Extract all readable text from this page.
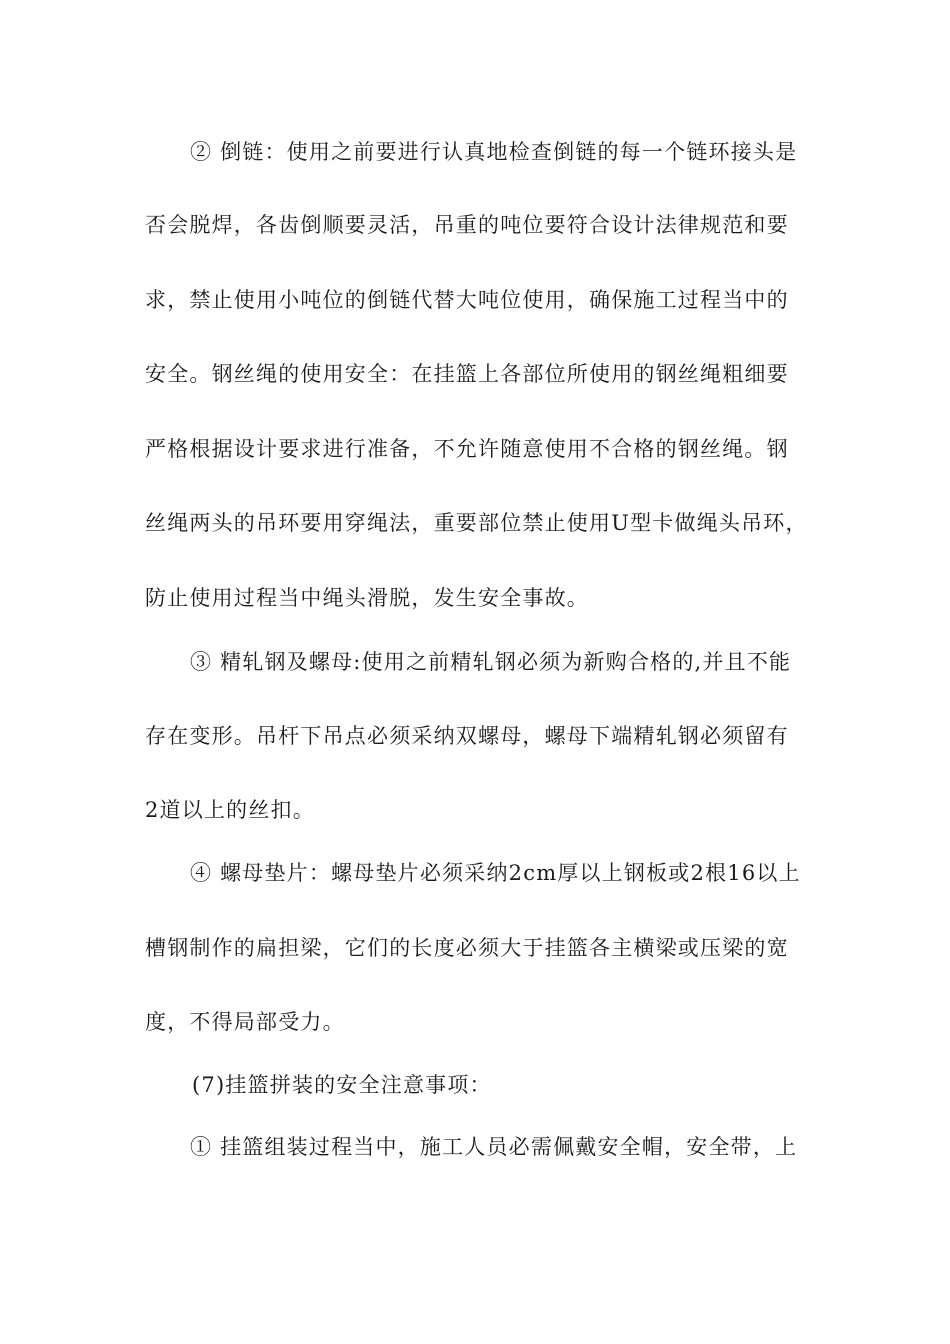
② 倒链：使用之前要进行认真地检查倒链的每一个链环接头是
否会脱焊，各齿倒顺要灵活，吊重的吨位要符合设计法律规范和要
求，禁止使用小吨位的倒链代替大吨位使用，确保施工过程当中的
安全。钢丝绳的使用安全：在挂篮上各部位所使用的钢丝绳粗细要
严格根据设计要求进行准备，不允许随意使用不合格的钢丝绳。钢
丝绳两头的吊环要用穿绳法，重要部位禁止使用U型卡做绳头吊环，
防止使用过程当中绳头滑脱，发生安全事故。
③ 精轧钢及螺母:使用之前精轧钢必须为新购合格的,并且不能
存在变形。吊杆下吊点必须采纳双螺母，螺母下端精轧钢必须留有
2道以上的丝扣。
④ 螺母垫片：螺母垫片必须采纳2cm厚以上钢板或2根16以上
槽钢制作的扁担梁，它们的长度必须大于挂篮各主横梁或压梁的宽
度，不得局部受力。
(7)挂篮拼装的安全注意事项：
① 挂篮组装过程当中，施工人员必需佩戴安全帽，安全带，上
